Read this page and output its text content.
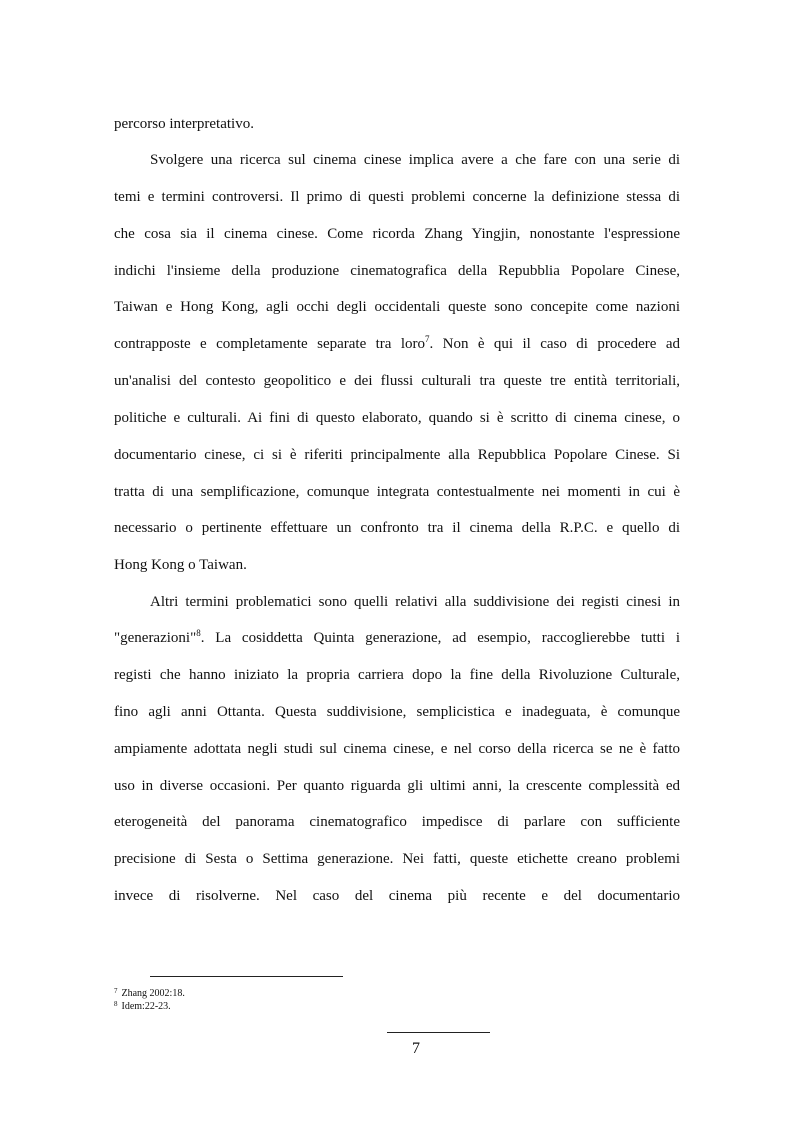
percorso interpretativo.
Svolgere una ricerca sul cinema cinese implica avere a che fare con una serie di
temi e termini controversi. Il primo di questi problemi concerne la definizione stessa di
che cosa sia il cinema cinese. Come ricorda Zhang Yingjin, nonostante l'espressione
indichi l'insieme della produzione cinematografica della Repubblia Popolare Cinese,
Taiwan e Hong Kong, agli occhi degli occidentali queste sono concepite come nazioni
contrapposte e completamente separate tra loro$^7$. Non è qui il caso di procedere ad
un'analisi del contesto geopolitico e dei flussi culturali tra queste tre entità territoriali,
politiche e culturali. Ai fini di questo elaborato, quando si è scritto di cinema cinese, o
documentario cinese, ci si è riferiti principalmente alla Repubblica Popolare Cinese. Si
tratta di una semplificazione, comunque integrata contestualmente nei momenti in cui è
necessario o pertinente effettuare un confronto tra il cinema della R.P.C. e quello di
Hong Kong o Taiwan.
Altri termini problematici sono quelli relativi alla suddivisione dei registi cinesi in
"generazioni"$^8$. La cosiddetta Quinta generazione, ad esempio, raccoglierebbe tutti i
registi che hanno iniziato la propria carriera dopo la fine della Rivoluzione Culturale,
fino agli anni Ottanta. Questa suddivisione, semplicistica e inadeguata, è comunque
ampiamente adottata negli studi sul cinema cinese, e nel corso della ricerca se ne è fatto
uso in diverse occasioni. Per quanto riguarda gli ultimi anni, la crescente complessità ed
eterogeneità del panorama cinematografico impedisce di parlare con sufficiente
precisione di Sesta o Settima generazione. Nei fatti, queste etichette creano problemi
invece di risolverne. Nel caso del cinema più recente e del documentario
$^7$ Zhang 2002:18.
$^8$ Idem:22-23.
7
